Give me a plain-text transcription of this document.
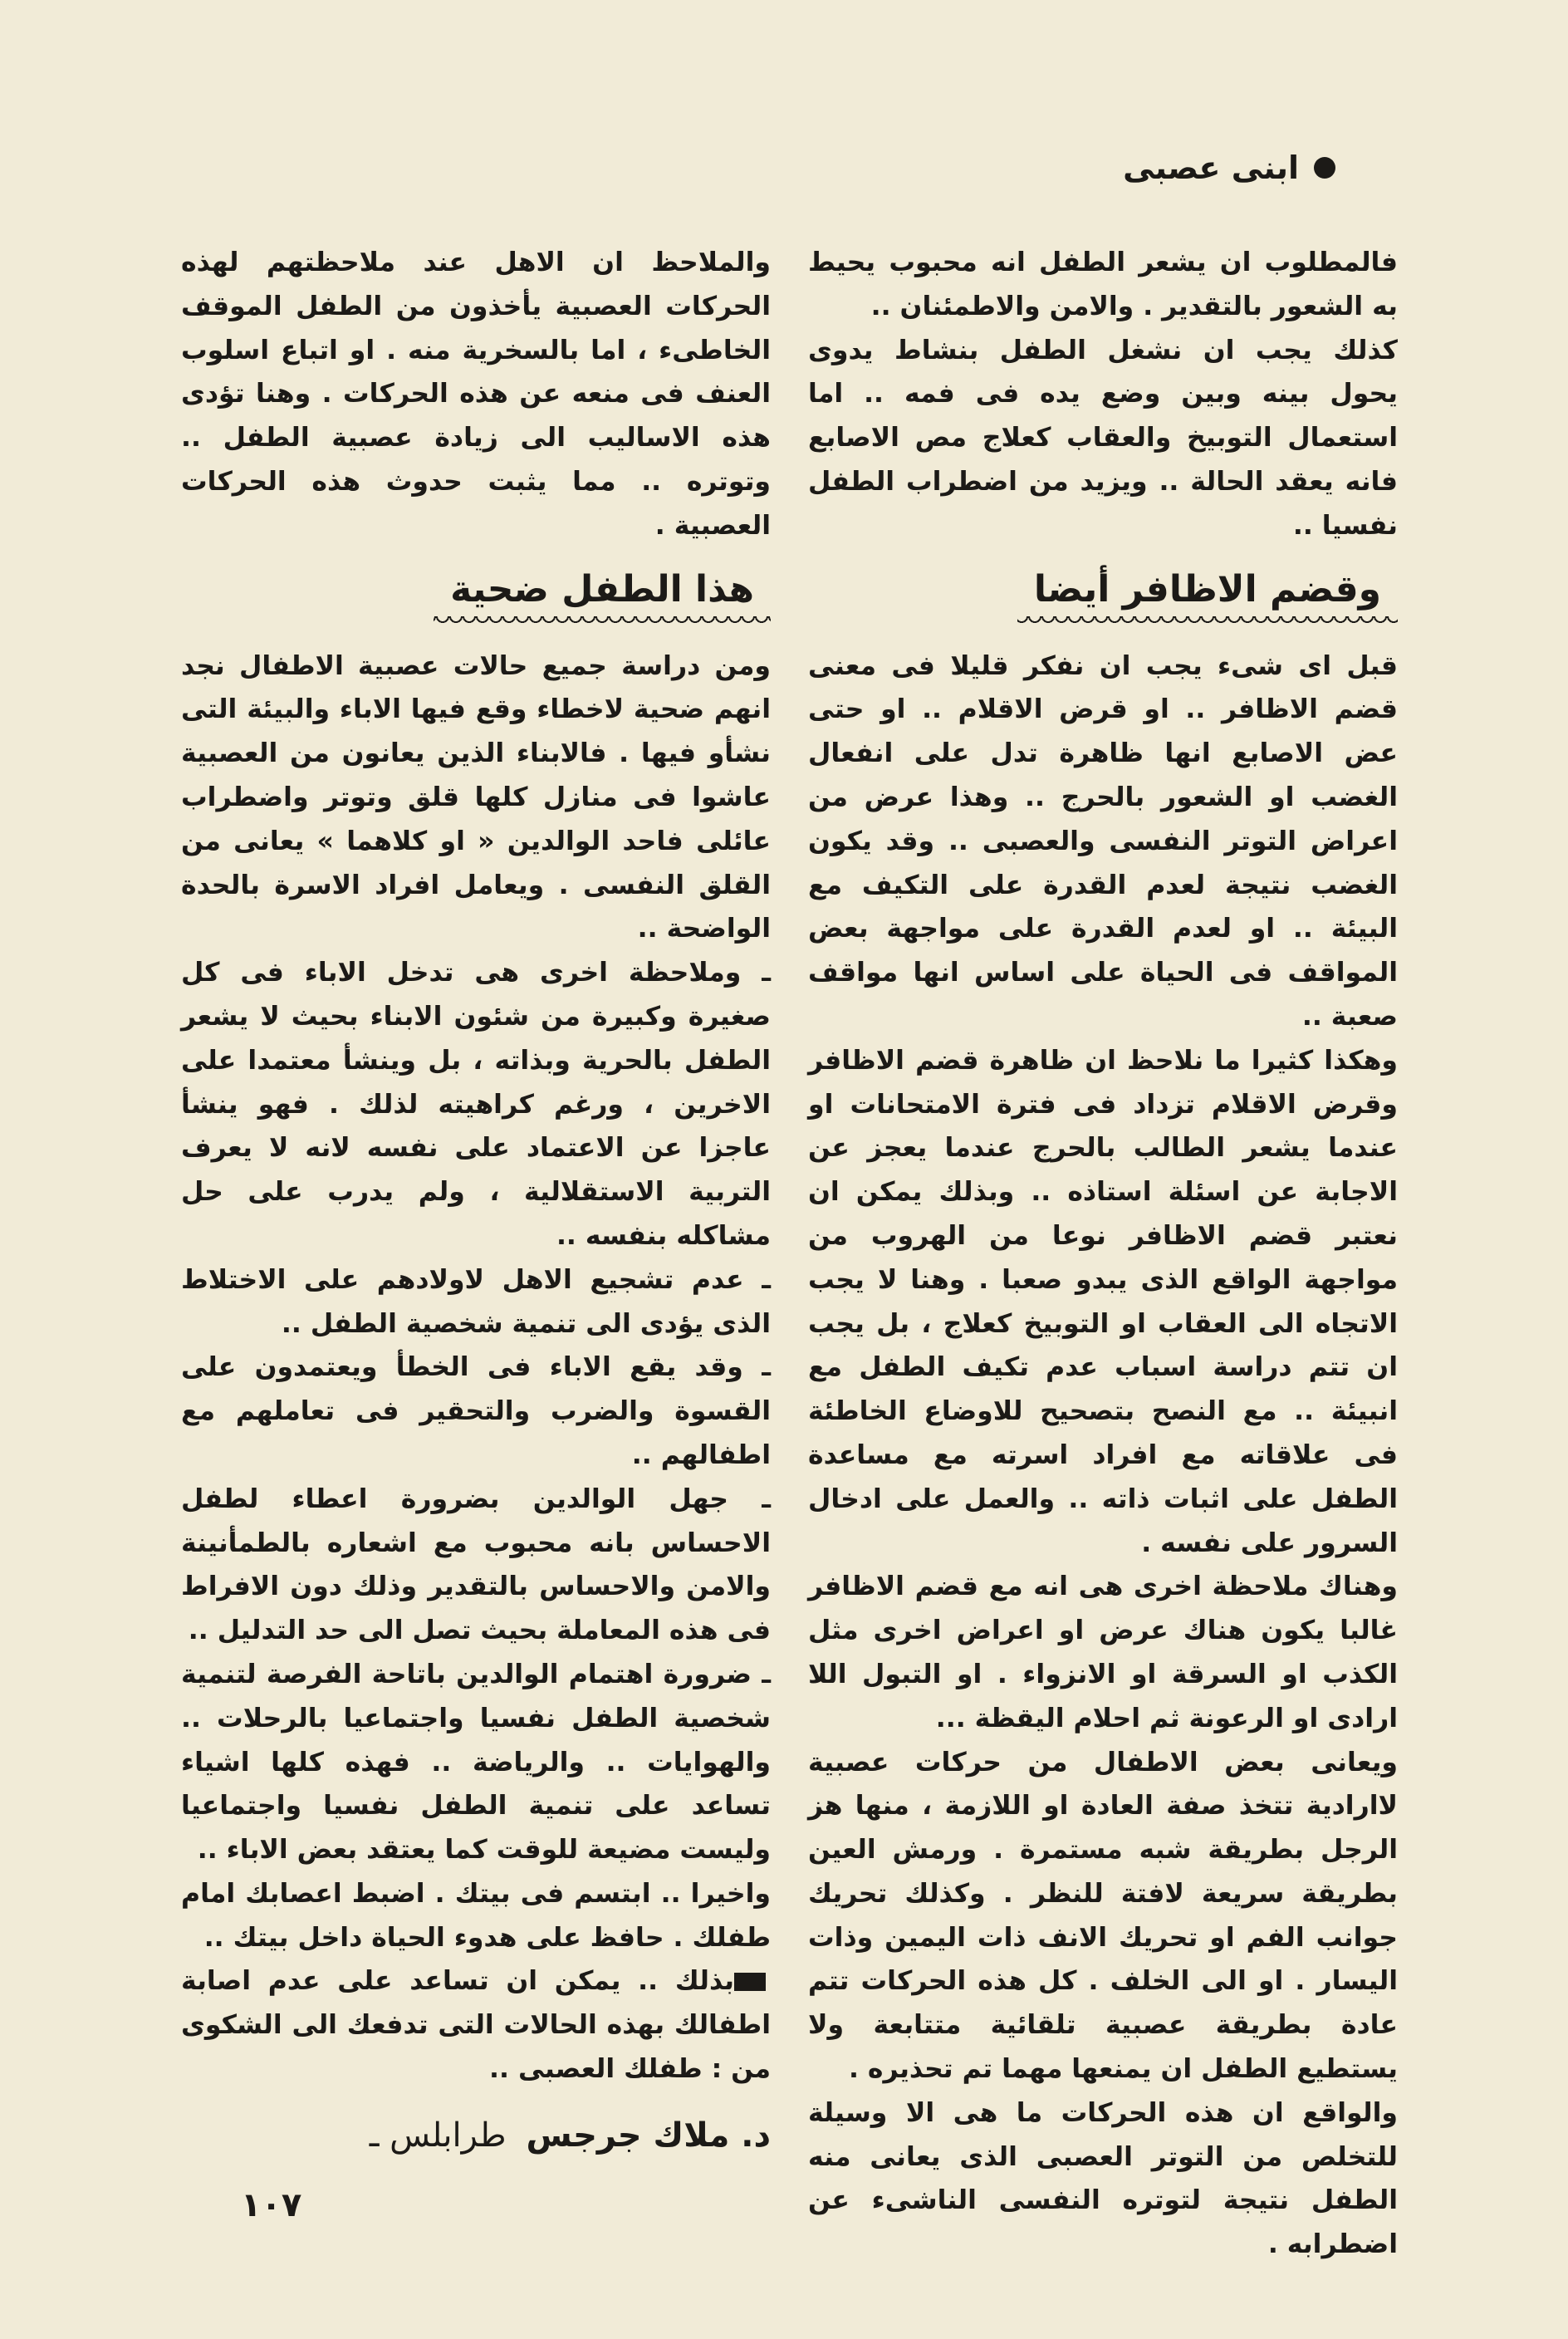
ابنى عصبى

فالمطلوب ان يشعر الطفل انه محبوب يحيط به الشعور بالتقدير . والامن والاطمئنان ..

كذلك يجب ان نشغل الطفل بنشاط يدوى يحول بينه وبين وضع يده فى فمه .. اما استعمال التوبيخ والعقاب كعلاج مص الاصابع فانه يعقد الحالة .. ويزيد من اضطراب الطفل نفسيا ..

وقضم الاظافر أيضا

قبل اى شىء يجب ان نفكر قليلا فى معنى قضم الاظافر .. او قرض الاقلام .. او حتى عض الاصابع انها ظاهرة تدل على انفعال الغضب او الشعور بالحرج .. وهذا عرض من اعراض التوتر النفسى والعصبى .. وقد يكون الغضب نتيجة لعدم القدرة على التكيف مع البيئة .. او لعدم القدرة على مواجهة بعض المواقف فى الحياة على اساس انها مواقف صعبة ..

وهكذا كثيرا ما نلاحظ ان ظاهرة قضم الاظافر وقرض الاقلام تزداد فى فترة الامتحانات او عندما يشعر الطالب بالحرج عندما يعجز عن الاجابة عن اسئلة استاذه .. وبذلك يمكن ان نعتبر قضم الاظافر نوعا من الهروب من مواجهة الواقع الذى يبدو صعبا . وهنا لا يجب الاتجاه الى العقاب او التوبيخ كعلاج ، بل يجب ان تتم دراسة اسباب عدم تكيف الطفل مع انبيئة .. مع النصح بتصحيح للاوضاع الخاطئة فى علاقاته مع افراد اسرته مع مساعدة الطفل على اثبات ذاته .. والعمل على ادخال السرور على نفسه .

وهناك ملاحظة اخرى هى انه مع قضم الاظافر غالبا يكون هناك عرض او اعراض اخرى مثل الكذب او السرقة او الانزواء . او التبول اللا ارادى او الرعونة ثم احلام اليقظة ...

ويعانى بعض الاطفال من حركات عصبية لاارادية تتخذ صفة العادة او اللازمة ، منها هز الرجل بطريقة شبه مستمرة . ورمش العين بطريقة سريعة لافتة للنظر . وكذلك تحريك جوانب الفم او تحريك الانف ذات اليمين وذات اليسار . او الى الخلف . كل هذه الحركات تتم عادة بطريقة عصبية تلقائية متتابعة ولا يستطيع الطفل ان يمنعها مهما تم تحذيره .

والواقع ان هذه الحركات ما هى الا وسيلة للتخلص من التوتر العصبى الذى يعانى منه الطفل نتيجة لتوتره النفسى الناشىء عن اضطرابه .

والملاحظ ان الاهل عند ملاحظتهم لهذه الحركات العصبية يأخذون من الطفل الموقف الخاطىء ، اما بالسخرية منه . او اتباع اسلوب العنف فى منعه عن هذه الحركات . وهنا تؤدى هذه الاساليب الى زيادة عصبية الطفل .. وتوتره .. مما يثبت حدوث هذه الحركات العصبية .

هذا الطفل ضحية

ومن دراسة جميع حالات عصبية الاطفال نجد انهم ضحية لاخطاء وقع فيها الاباء والبيئة التى نشأو فيها . فالابناء الذين يعانون من العصبية عاشوا فى منازل كلها قلق وتوتر واضطراب عائلى فاحد الوالدين « او كلاهما » يعانى من القلق النفسى . ويعامل افراد الاسرة بالحدة الواضحة ..

ـ وملاحظة اخرى هى تدخل الاباء فى كل صغيرة وكبيرة من شئون الابناء بحيث لا يشعر الطفل بالحرية وبذاته ، بل وينشأ معتمدا على الاخرين ، ورغم كراهيته لذلك . فهو ينشأ عاجزا عن الاعتماد على نفسه لانه لا يعرف التربية الاستقلالية ، ولم يدرب على حل مشاكله بنفسه ..

ـ عدم تشجيع الاهل لاولادهم على الاختلاط الذى يؤدى الى تنمية شخصية الطفل ..

ـ وقد يقع الاباء فى الخطأ ويعتمدون على القسوة والضرب والتحقير فى تعاملهم مع اطفالهم ..

ـ جهل الوالدين بضرورة اعطاء لطفل الاحساس بانه محبوب مع اشعاره بالطمأنينة والامن والاحساس بالتقدير وذلك دون الافراط فى هذه المعاملة بحيث تصل الى حد التدليل ..

ـ ضرورة اهتمام الوالدين باتاحة الفرصة لتنمية شخصية الطفل نفسيا واجتماعيا بالرحلات .. والهوايات .. والرياضة .. فهذه كلها اشياء تساعد على تنمية الطفل نفسيا واجتماعيا وليست مضيعة للوقت كما يعتقد بعض الاباء ..

واخيرا .. ابتسم فى بيتك . اضبط اعصابك امام طفلك . حافظ على هدوء الحياة داخل بيتك ..

بذلك .. يمكن ان تساعد على عدم اصابة اطفالك بهذه الحالات التى تدفعك الى الشكوى من : طفلك العصبى ..

د. ملاك جرجس
طرابلس ـ
١٠٧
